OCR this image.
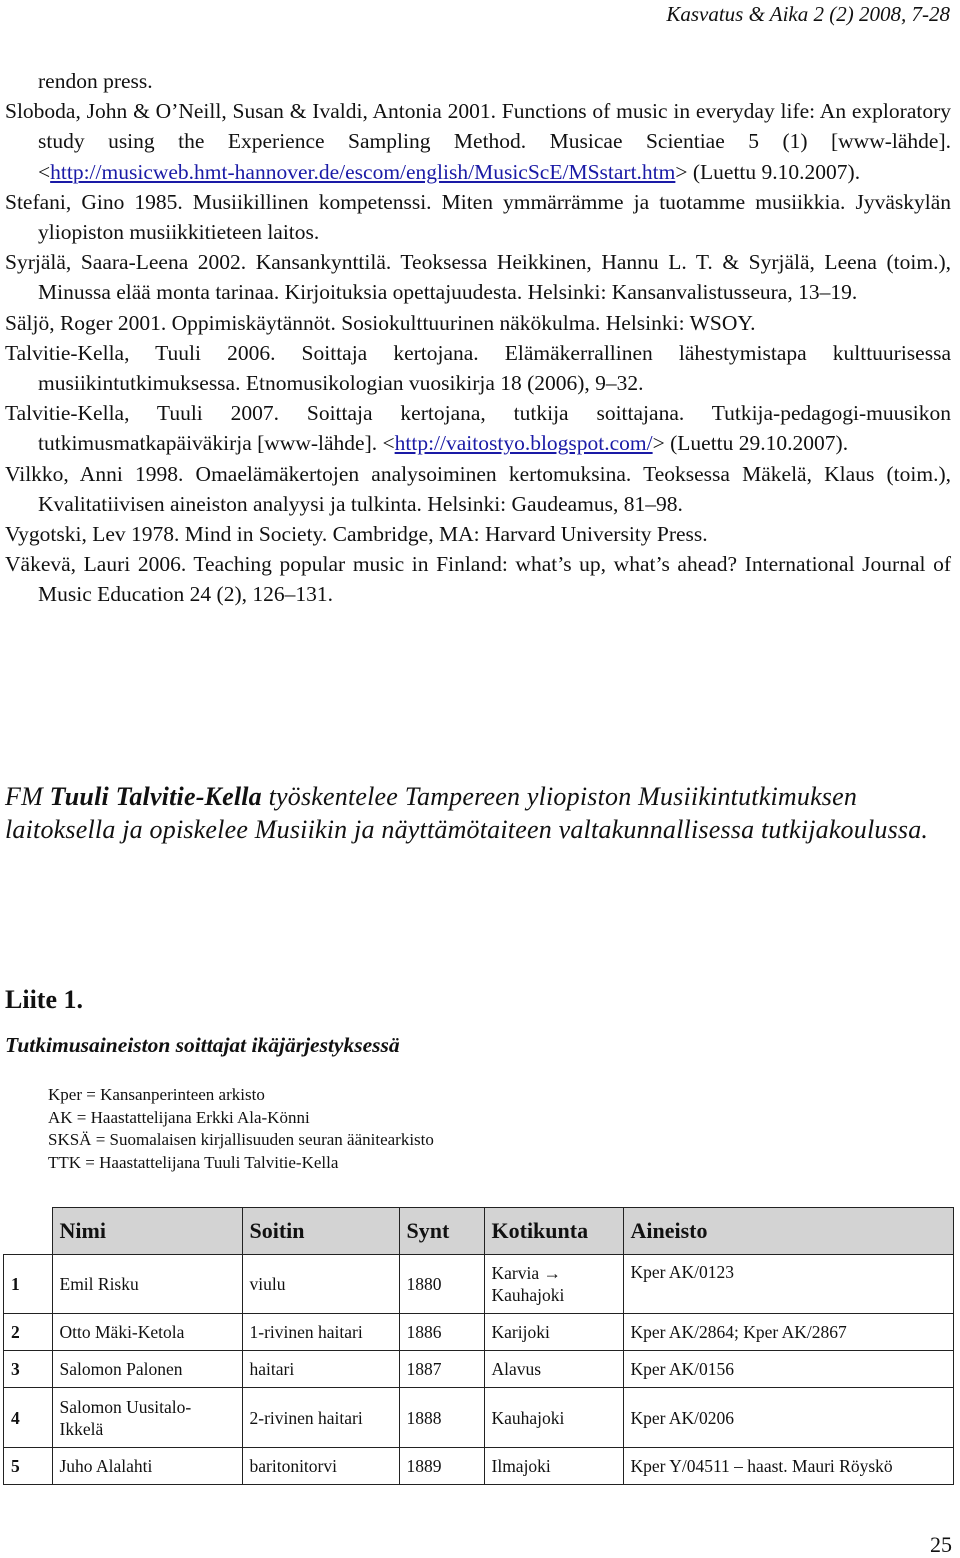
Kasvatus & Aika 2 (2) 2008, 7-28
rendon press.
Sloboda, John & O’Neill, Susan & Ivaldi, Antonia 2001. Functions of music in everyday life: An exploratory study using the Experience Sampling Method. Musicae Scientiae 5 (1) [www-lähde]. <http://musicweb.hmt-hannover.de/escom/english/MusicScE/MSstart.htm> (Luettu 9.10.2007).
Stefani, Gino 1985. Musiikillinen kompetenssi. Miten ymmärrämme ja tuotamme musiikkia. Jyväskylän yliopiston musiikkitieteen laitos.
Syrjälä, Saara-Leena 2002. Kansankynttilä. Teoksessa Heikkinen, Hannu L. T. & Syrjälä, Leena (toim.), Minussa elää monta tarinaa. Kirjoituksia opettajuudesta. Helsinki: Kansanvalistusseura, 13–19.
Säljö, Roger 2001. Oppimiskäytännöt. Sosiokulttuurinen näkökulma. Helsinki: WSOY.
Talvitie-Kella, Tuuli 2006. Soittaja kertojana. Elämäkerrallinen lähestymistapa kulttuurisessa musiikintutkimuksessa. Etnomusikologian vuosikirja 18 (2006), 9–32.
Talvitie-Kella, Tuuli 2007. Soittaja kertojana, tutkija soittajana. Tutkija-pedagogi-muusikon tutkimusmatkapäiväkirja [www-lähde]. <http://vaitostyo.blogspot.com/> (Luettu 29.10.2007).
Vilkko, Anni 1998. Omaelämäkertojen analysoiminen kertomuksina. Teoksessa Mäkelä, Klaus (toim.), Kvalitatiivisen aineiston analyysi ja tulkinta. Helsinki: Gaudeamus, 81–98.
Vygotski, Lev 1978. Mind in Society. Cambridge, MA: Harvard University Press.
Väkevä, Lauri 2006. Teaching popular music in Finland: what’s up, what’s ahead? International Journal of Music Education 24 (2), 126–131.
FM Tuuli Talvitie-Kella työskentelee Tampereen yliopiston Musiikintutkimuksen laitoksella ja opiskelee Musiikin ja näyttämötaiteen valtakunnallisessa tutkijakoulussa.
Liite 1.
Tutkimusaineiston soittajat ikäjärjestyksessä
Kper = Kansanperinteen arkisto
AK = Haastattelijana Erkki Ala-Könni
SKSÄ = Suomalaisen kirjallisuuden seuran äänitearkisto
TTK = Haastattelijana Tuuli Talvitie-Kella
	Nimi	Soitin	Synt	Kotikunta	Aineisto
1	Emil Risku	viulu	1880	Karvia → Kauhajoki	Kper AK/0123
2	Otto Mäki-Ketola	1-rivinen haitari	1886	Karijoki	Kper AK/2864; Kper AK/2867
3	Salomon Palonen	haitari	1887	Alavus	Kper AK/0156
4	Salomon Uusitalo-Ikkelä	2-rivinen haitari	1888	Kauhajoki	Kper AK/0206
5	Juho Alalahti	baritonitorvi	1889	Ilmajoki	Kper Y/04511 – haast. Mauri Röyskö
25
